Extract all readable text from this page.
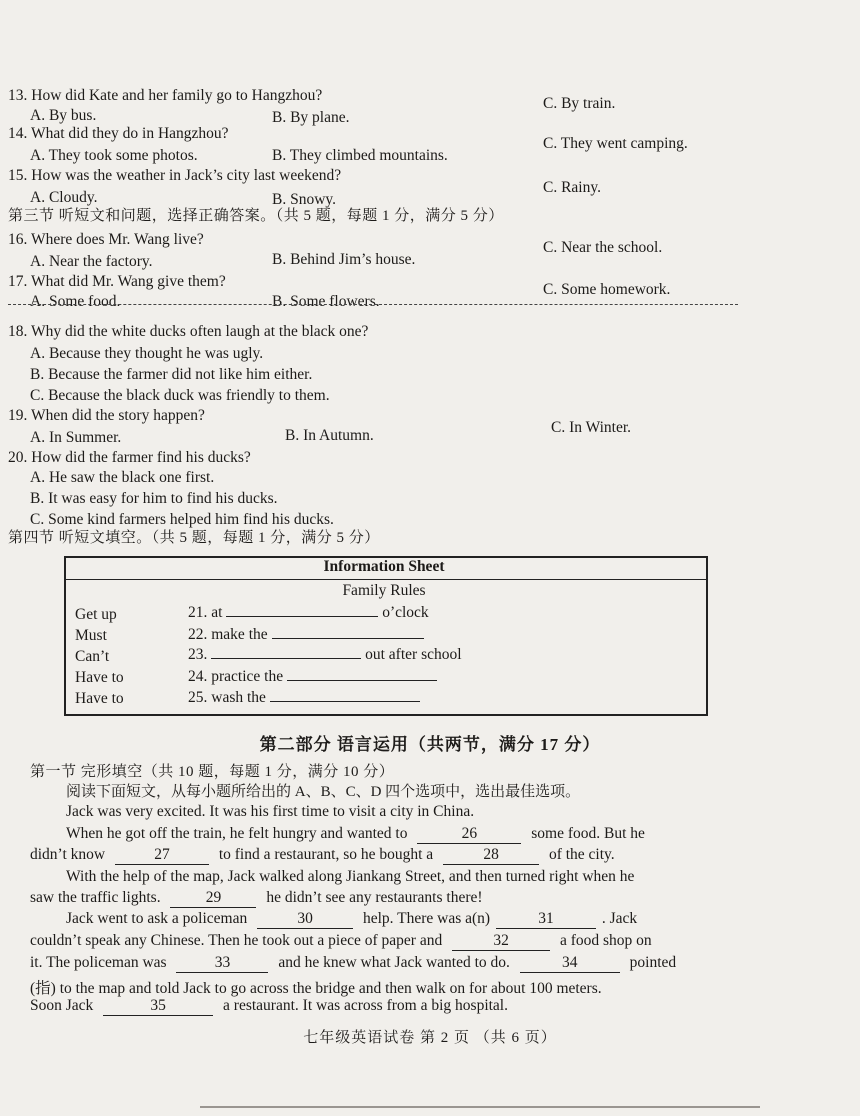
13. How did Kate and her family go to Hangzhou?
A. By bus.	B. By plane.
C. By train.
14. What did they do in Hangzhou?
A. They took some photos.	B. They climbed mountains.
C. They went camping.
15. How was the weather in Jack’s city last weekend?
A. Cloudy.	B. Snowy.
C. Rainy.
第三节 听短文和问题，选择正确答案。（共 5 题，每题 1 分，满分 5 分）
16. Where does Mr. Wang live?
A. Near the factory.	B. Behind Jim’s house.
C. Near the school.
17. What did Mr. Wang give them?
A. Some food.	B. Some flowers.
C. Some homework.
18. Why did the white ducks often laugh at the black one?
A. Because they thought he was ugly.
B. Because the farmer did not like him either.
C. Because the black duck was friendly to them.
19. When did the story happen?
A. In Summer.	B. In Autumn.	C. In Winter.
20. How did the farmer find his ducks?
A. He saw the black one first.
B. It was easy for him to find his ducks.
C. Some kind farmers helped him find his ducks.
第四节 听短文填空。（共 5 题，每题 1 分，满分 5 分）
Information Sheet
Family Rules
Get up	21. at	o’clock
Must	22. make the
Can’t	23.	out after school
Have to	24. practice the
Have to	25. wash the
第二部分 语言运用（共两节，满分 17 分）
第一节 完形填空（共 10 题，每题 1 分，满分 10 分）
阅读下面短文，从每小题所给出的 A、B、C、D 四个选项中，选出最佳选项。
Jack was very excited. It was his first time to visit a city in China.
When he got off the train, he felt hungry and wanted to	26	some food. But he
didn’t know	27	to find a restaurant, so he bought a	28	of the city.
With the help of the map, Jack walked along Jiankang Street, and then turned right when he
saw the traffic lights.	29	he didn’t see any restaurants there!
Jack went to ask a policeman	30	help. There was a(n)	31	. Jack
couldn’t speak any Chinese. Then he took out a piece of paper and	32	a food shop on
it. The policeman was	33	and he knew what Jack wanted to do.	34	pointed
(指) to the map and told Jack to go across the bridge and then walk on for about 100 meters.
Soon Jack	35	a restaurant. It was across from a big hospital.
七年级英语试卷 第 2 页 （共 6 页）
